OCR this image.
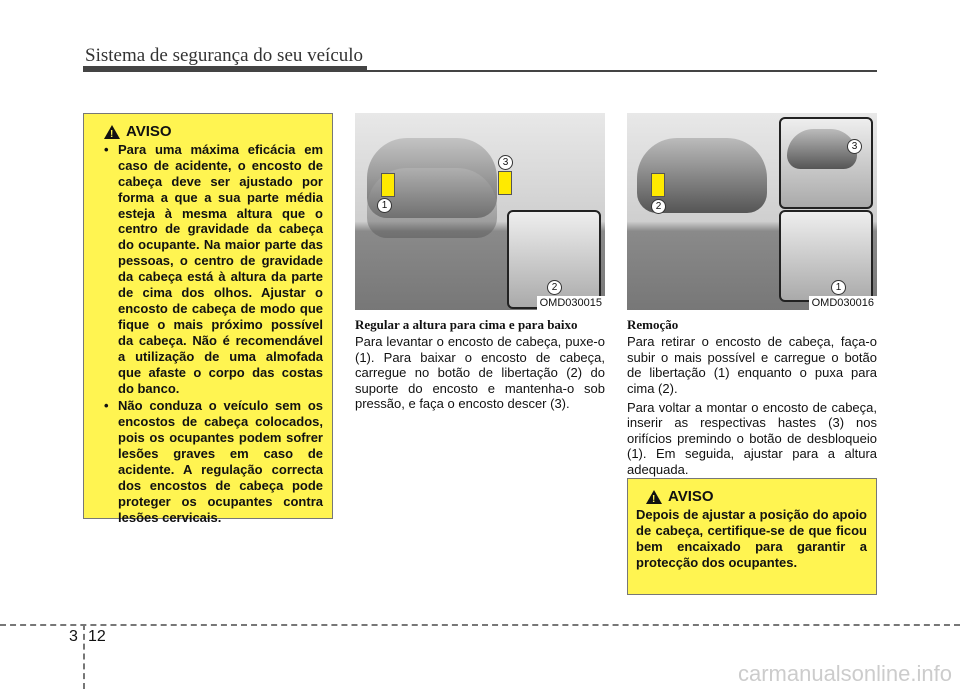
Sistema de segurança do seu veículo
!
AVISO
• Para uma máxima eficácia em caso de acidente, o encosto de cabeça deve ser ajustado por forma a que a sua parte média esteja à mesma altura que o centro de gravidade da cabeça do ocupante. Na maior parte das pessoas, o centro de gravidade da cabeça está à altura da parte de cima dos olhos. Ajustar o encosto de cabeça de modo que fique o mais próximo possível da cabeça. Não é recomendável a utilização de uma almofada que afaste o corpo das costas do banco.
• Não conduza o veículo sem os encostos de cabeça colocados, pois os ocupantes podem sofrer lesões graves em caso de acidente. A regulação correcta dos encostos de cabeça pode proteger os ocupantes contra lesões cervicais.
1
3
2
OMD030015
2
3
1
OMD030016
Regular a altura para cima e para baixo

Para levantar o encosto de cabeça, puxe-o (1). Para baixar o encosto de cabeça, carregue no botão de libertação (2) do suporte do encosto e mantenha-o sob pressão, e faça o encosto descer (3).

Remoção

Para retirar o encosto de cabeça, faça-o subir o mais possível e carregue o botão de libertação (1) enquanto o puxa para cima (2).

Para voltar a montar o encosto de cabeça, inserir as respectivas hastes (3) nos orifícios premindo o botão de desbloqueio (1). Em seguida, ajustar para a altura adequada.

!
AVISO
Depois de ajustar a posição do apoio de cabeça, certifique-se de que ficou bem encaixado para garantir a protecção dos ocupantes.
3 12
carmanualsonline.info
